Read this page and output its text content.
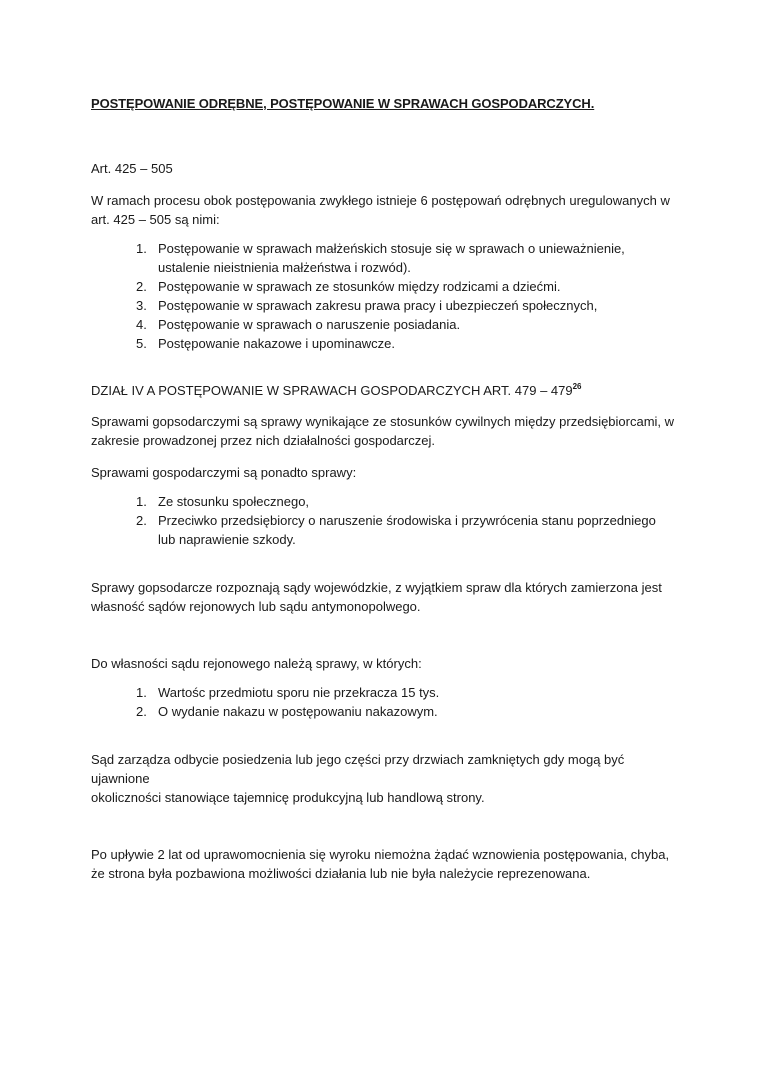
POSTĘPOWANIE ODRĘBNE, POSTĘPOWANIE W SPRAWACH GOSPODARCZYCH.

Art. 425 – 505

W ramach procesu obok postępowania zwykłego istnieje 6 postępowań odrębnych uregulowanych w
art. 425 – 505 są nimi:

1. Postępowanie w sprawach małżeńskich stosuje się w sprawach o unieważnienie,
ustalenie nieistnienia małżeństwa i rozwód).
2. Postępowanie w sprawach ze stosunków między rodzicami a dziećmi.
3. Postępowanie w sprawach zakresu prawa pracy i ubezpieczeń społecznych,
4. Postępowanie w sprawach o naruszenie posiadania.
5. Postępowanie nakazowe i upominawcze.

DZIAŁ IV A POSTĘPOWANIE W SPRAWACH GOSPODARCZYCH ART. $479 - 479^{26}$

Sprawami gopsodarczymi są sprawy wynikające ze stosunków cywilnych między przedsiębiorcami, w
zakresie prowadzonej przez nich działalności gospodarczej.

Sprawami gospodarczymi są ponadto sprawy:

1. Ze stosunku społecznego,
2. Przeciwko przedsiębiorcy o naruszenie środowiska i przywrócenia stanu poprzedniego
lub naprawienie szkody.

Sprawy gopsodarcze rozpoznają sądy wojewódzkie, z wyjątkiem spraw dla których zamierzona jest
własność sądów rejonowych lub sądu antymonopolwego.

Do własności sądu rejonowego należą sprawy, w których:

1. Wartośc przedmiotu sporu nie przekracza 15 tys.
2. O wydanie nakazu w postępowaniu nakazowym.

Sąd zarządza odbycie posiedzenia lub jego części przy drzwiach zamkniętych gdy mogą być ujawnione
okoliczności stanowiące tajemnicę produkcyjną lub handlową strony.

Po upływie 2 lat od uprawomocnienia się wyroku niemożna żądać wznowienia postępowania, chyba,
że strona była pozbawiona możliwości działania lub nie była należycie reprezenowana.
